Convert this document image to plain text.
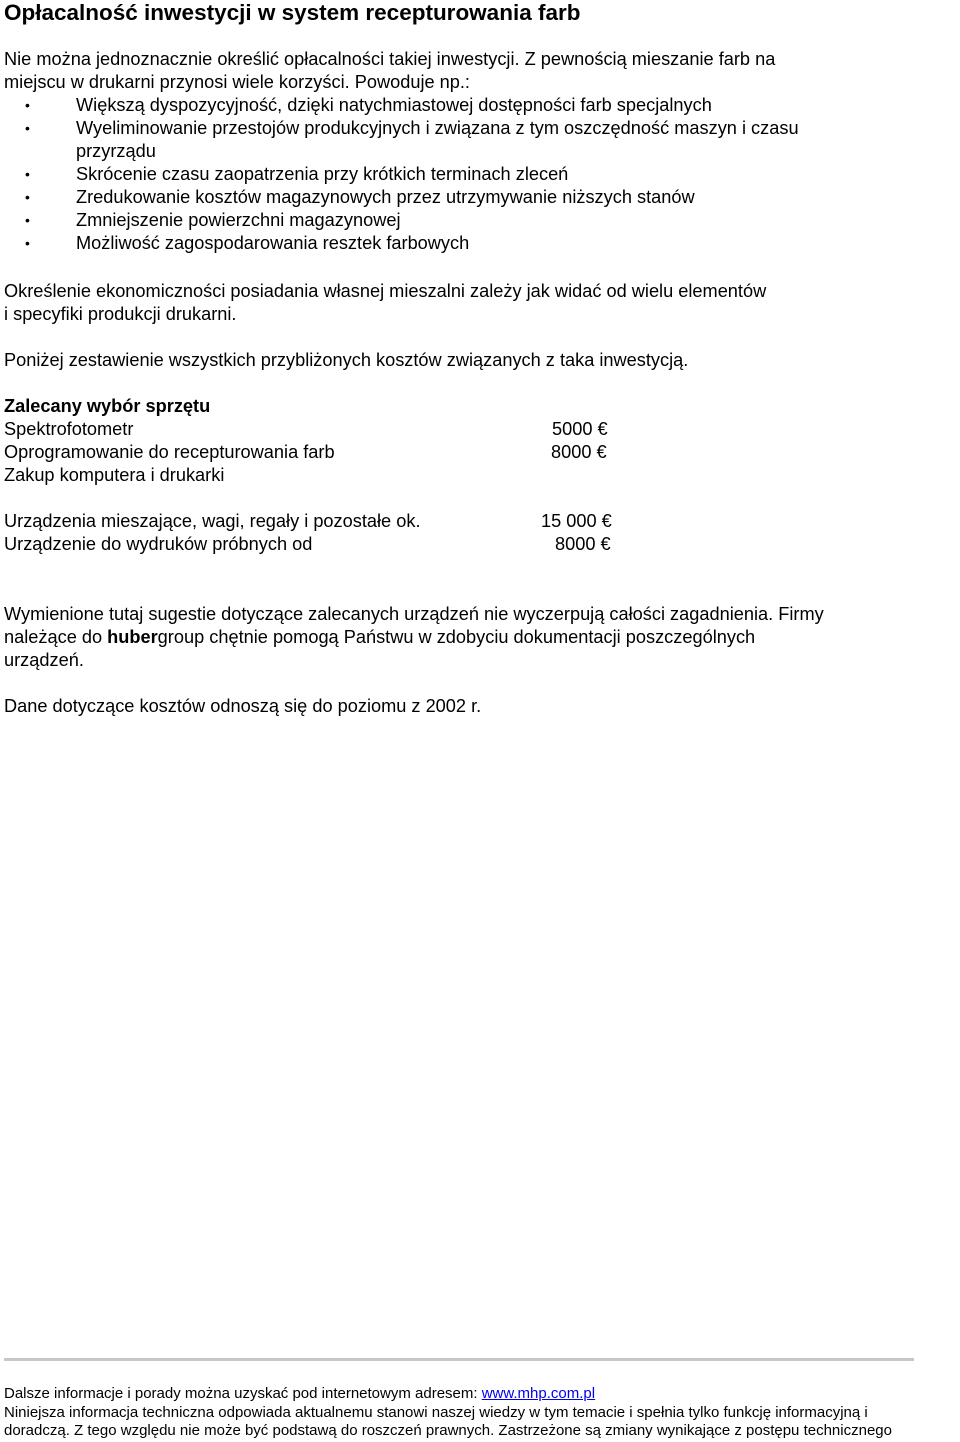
Opłacalność inwestycji w system recepturowania farb
Nie można jednoznacznie określić opłacalności takiej inwestycji. Z pewnością mieszanie farb na
miejscu w drukarni przynosi wiele korzyści. Powoduje np.:
•	Większą dyspozycyjność, dzięki natychmiastowej dostępności farb specjalnych
•	Wyeliminowanie przestojów produkcyjnych i związana z tym oszczędność maszyn i czasu
przyrządu
•	Skrócenie czasu zaopatrzenia przy krótkich terminach zleceń
•	Zredukowanie kosztów magazynowych przez utrzymywanie niższych stanów
•	Zmniejszenie powierzchni magazynowej
•	Możliwość zagospodarowania resztek farbowych
Określenie ekonomiczności posiadania własnej mieszalni zależy jak widać od wielu elementów
i specyfiki produkcji drukarni.
Poniżej zestawienie wszystkich przybliżonych kosztów związanych z taka inwestycją.
Zalecany wybór sprzętu
Spektrofotometr	5000 €
Oprogramowanie do recepturowania farb	8000 €
Zakup komputera i drukarki
Urządzenia mieszające, wagi, regały i pozostałe ok.	15 000 €
Urządzenie do wydruków próbnych od	8000 €
Wymienione tutaj sugestie dotyczące zalecanych urządzeń nie wyczerpują całości zagadnienia. Firmy
należące do hubergroup chętnie pomogą Państwu w zdobyciu dokumentacji poszczególnych
urządzeń.
Dane dotyczące kosztów odnoszą się do poziomu z 2002 r.
Dalsze informacje i porady można uzyskać pod internetowym adresem: www.mhp.com.pl
Niniejsza informacja techniczna odpowiada aktualnemu stanowi naszej wiedzy w tym temacie i spełnia tylko funkcję informacyjną i
doradczą. Z tego względu nie może być podstawą do roszczeń prawnych. Zastrzeżone są zmiany wynikające z postępu technicznego
